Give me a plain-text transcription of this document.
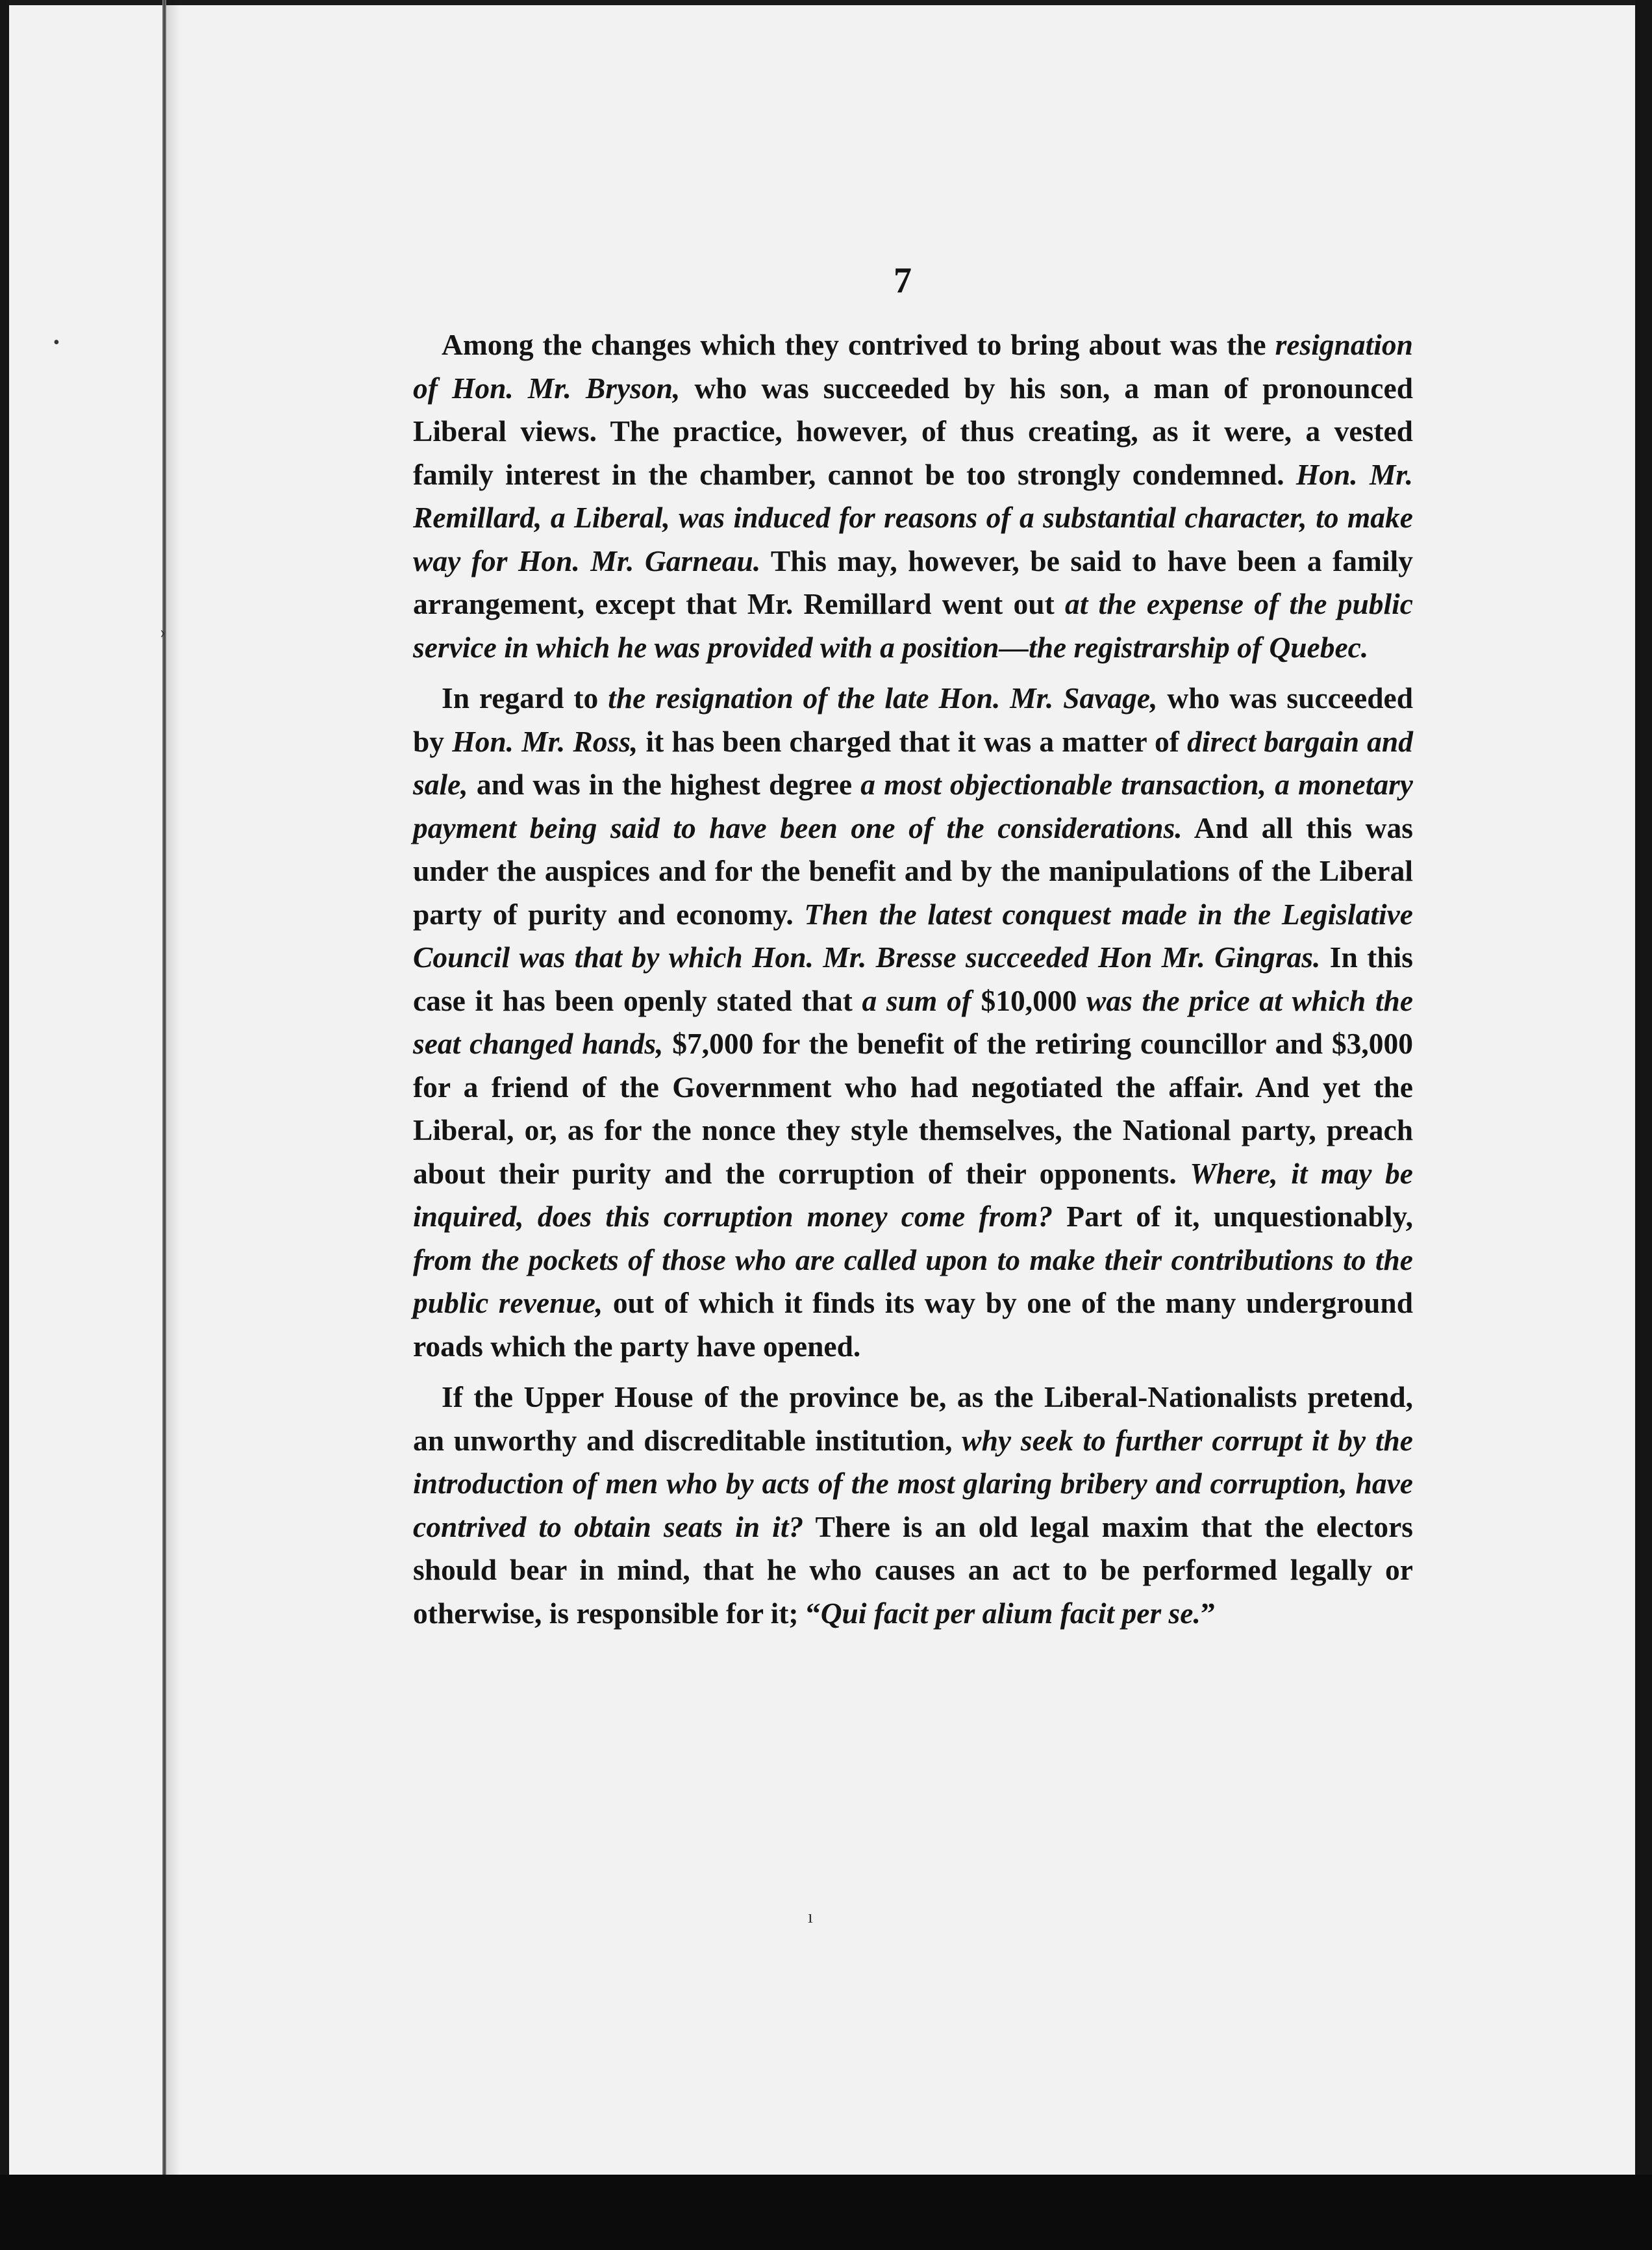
•
›
7

Among the changes which they contrived to bring about was the resignation of Hon. Mr. Bryson, who was succeeded by his son, a man of pronounced Liberal views. The practice, however, of thus creating, as it were, a vested family interest in the chamber, cannot be too strongly condemned. Hon. Mr. Remillard, a Liberal, was induced for reasons of a substantial character, to make way for Hon. Mr. Garneau. This may, however, be said to have been a family arrangement, except that Mr. Remillard went out at the expense of the public service in which he was provided with a position—the registrarship of Quebec.

In regard to the resignation of the late Hon. Mr. Savage, who was succeeded by Hon. Mr. Ross, it has been charged that it was a matter of direct bargain and sale, and was in the highest degree a most objectionable transaction, a monetary payment being said to have been one of the considerations. And all this was under the auspices and for the benefit and by the manipulations of the Liberal party of purity and economy. Then the latest conquest made in the Legislative Council was that by which Hon. Mr. Bresse succeeded Hon Mr. Gingras. In this case it has been openly stated that a sum of $10,000 was the price at which the seat changed hands, $7,000 for the benefit of the retiring councillor and $3,000 for a friend of the Government who had negotiated the affair. And yet the Liberal, or, as for the nonce they style themselves, the National party, preach about their purity and the corruption of their opponents. Where, it may be inquired, does this corruption money come from? Part of it, unquestionably, from the pockets of those who are called upon to make their contributions to the public revenue, out of which it finds its way by one of the many underground roads which the party have opened.

If the Upper House of the province be, as the Liberal-Nationalists pretend, an unworthy and discreditable institution, why seek to further corrupt it by the introduction of men who by acts of the most glaring bribery and corruption, have contrived to obtain seats in it? There is an old legal maxim that the electors should bear in mind, that he who causes an act to be performed legally or otherwise, is responsible for it; “Qui facit per alium facit per se.”

ı
